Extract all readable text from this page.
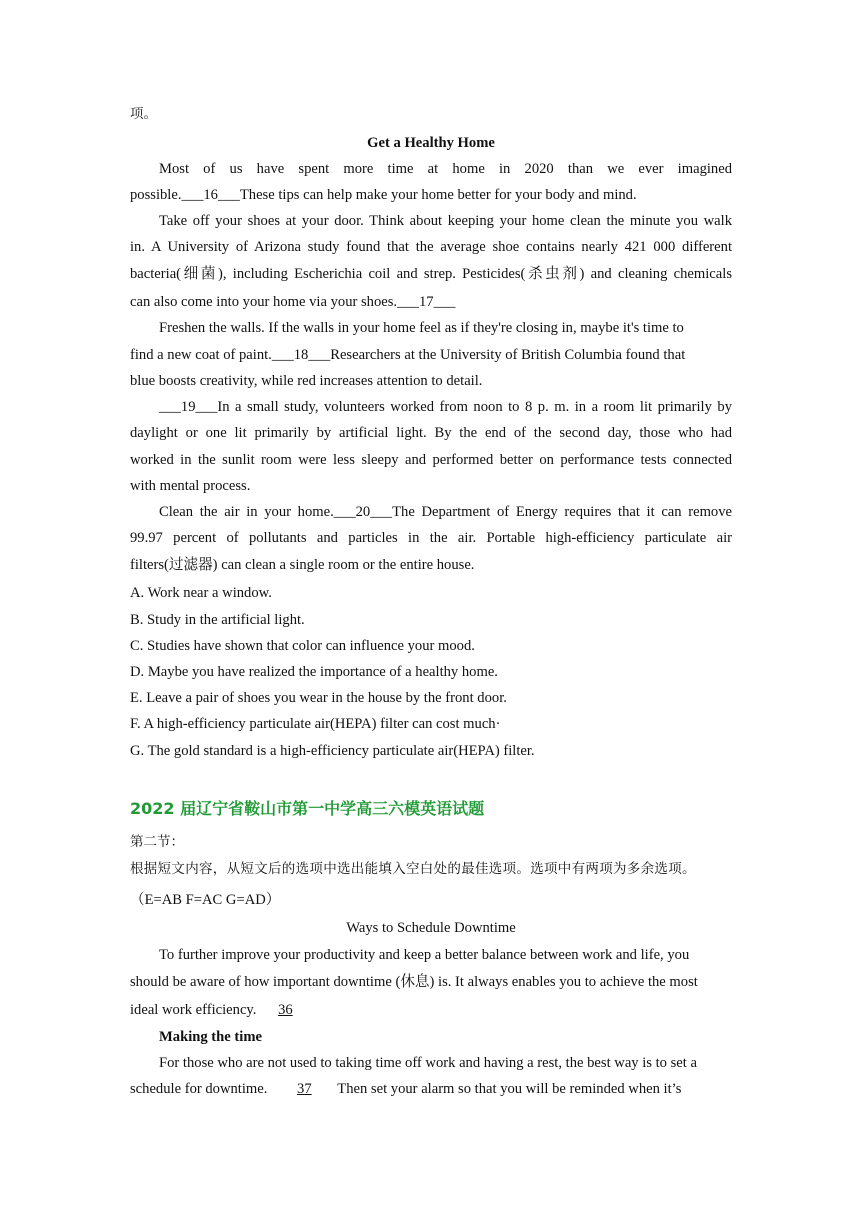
项。
Get a Healthy Home
Most of us have spent more time at home in 2020 than we ever imagined
possible.___16___These tips can help make your home better for your body and mind.
Take off your shoes at your door. Think about keeping your home clean the minute you walk
in. A University of Arizona study found that the average shoe contains nearly 421 000 different
bacteria(细菌), including Escherichia coil and strep. Pesticides(杀虫剂) and cleaning chemicals
can also come into your home via your shoes.___17___
Freshen the walls. If the walls in your home feel as if they're closing in, maybe it's time to
find a new coat of paint.___18___Researchers at the University of British Columbia found that
blue boosts creativity, while red increases attention to detail.
___19___In a small study, volunteers worked from noon to 8 p. m. in a room lit primarily by
daylight or one lit primarily by artificial light. By the end of the second day, those who had
worked in the sunlit room were less sleepy and performed better on performance tests connected
with mental process.
Clean the air in your home.___20___The Department of Energy requires that it can remove
99.97 percent of pollutants and particles in the air. Portable high-efficiency particulate air
filters(过滤器) can clean a single room or the entire house.
A. Work near a window.
B. Study in the artificial light.
C. Studies have shown that color can influence your mood.
D. Maybe you have realized the importance of a healthy home.
E. Leave a pair of shoes you wear in the house by the front door.
F. A high-efficiency particulate air(HEPA) filter can cost much·
G. The gold standard is a high-efficiency particulate air(HEPA) filter.
2022 届辽宁省鞍山市第一中学高三六模英语试题
第二节：
根据短文内容，从短文后的选项中选出能填入空白处的最佳选项。选项中有两项为多余选项。
（E=AB F=AC G=AD）
Ways to Schedule Downtime
To further improve your productivity and keep a better balance between work and life, you
should be aware of how important downtime (休息) is. It always enables you to achieve the most
ideal work efficiency. 36
Making the time
For those who are not used to taking time off work and having a rest, the best way is to set a
schedule for downtime. 37 Then set your alarm so that you will be reminded when it’s
